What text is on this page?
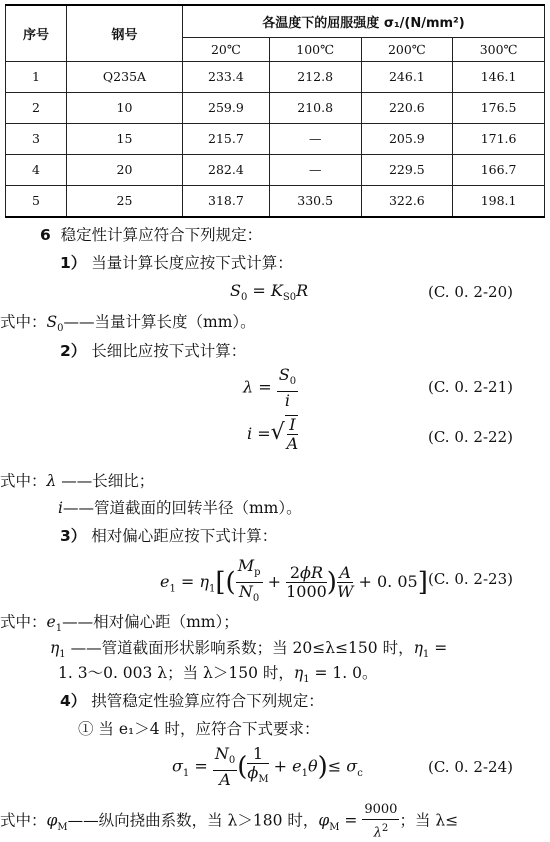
序号	钢号	各温度下的屈服强度 σ₁/(N/mm²)			
		20℃	100℃	200℃	300℃
1	Q235A	233.4	212.8	246.1	146.1
2	10	259.9	210.8	220.6	176.5
3	15	215.7	—	205.9	171.6
4	20	282.4	—	229.5	166.7
5	25	318.7	330.5	322.6	198.1
6 稳定性计算应符合下列规定：
1） 当量计算长度应按下式计算：
$S_0 = K_{S0}R$	(C. 0. 2-20)
式中：$S_0——$当量计算长度（mm）。
2） 长细比应按下式计算：
$\lambda = \frac{S_0}{i}$	(C. 0. 2-21)
i =√ $\frac{I}{A}$	(C. 0. 2-22)
式中：λ ——长细比；
i——管道截面的回转半径（mm）。
3） 相对偏心距应按下式计算：
$e_1 = \eta_1[( \frac{M_p}{N_0} + \frac{2\phi R}{1000}$ ) $\frac{A}{W} + 0$. 05] (C. 0. 2-23)
式中：$e_1——$相对偏心距（mm）；
$\eta_1$ ——管道截面形状影响系数；当 20≤λ≤150 时，$\eta_1$ =
1. 3～0. 003 λ；当 λ＞150 时，$\eta_1 = 1$. 0。
4） 拱管稳定性验算应符合下列规定：
① 当 e₁＞4 时，应符合下式要求：
$\sigma_1 = \frac{N_0}{A}$ ( $\frac{1}{\phi_M} + e_1\theta)\le \sigma_c$	(C. 0. 2-24)
式中：$\varphi_M——$纵向挠曲系数，当 λ＞180 时，$\varphi_M = \frac{9000}{\lambda^2}$ ；当 λ≤
